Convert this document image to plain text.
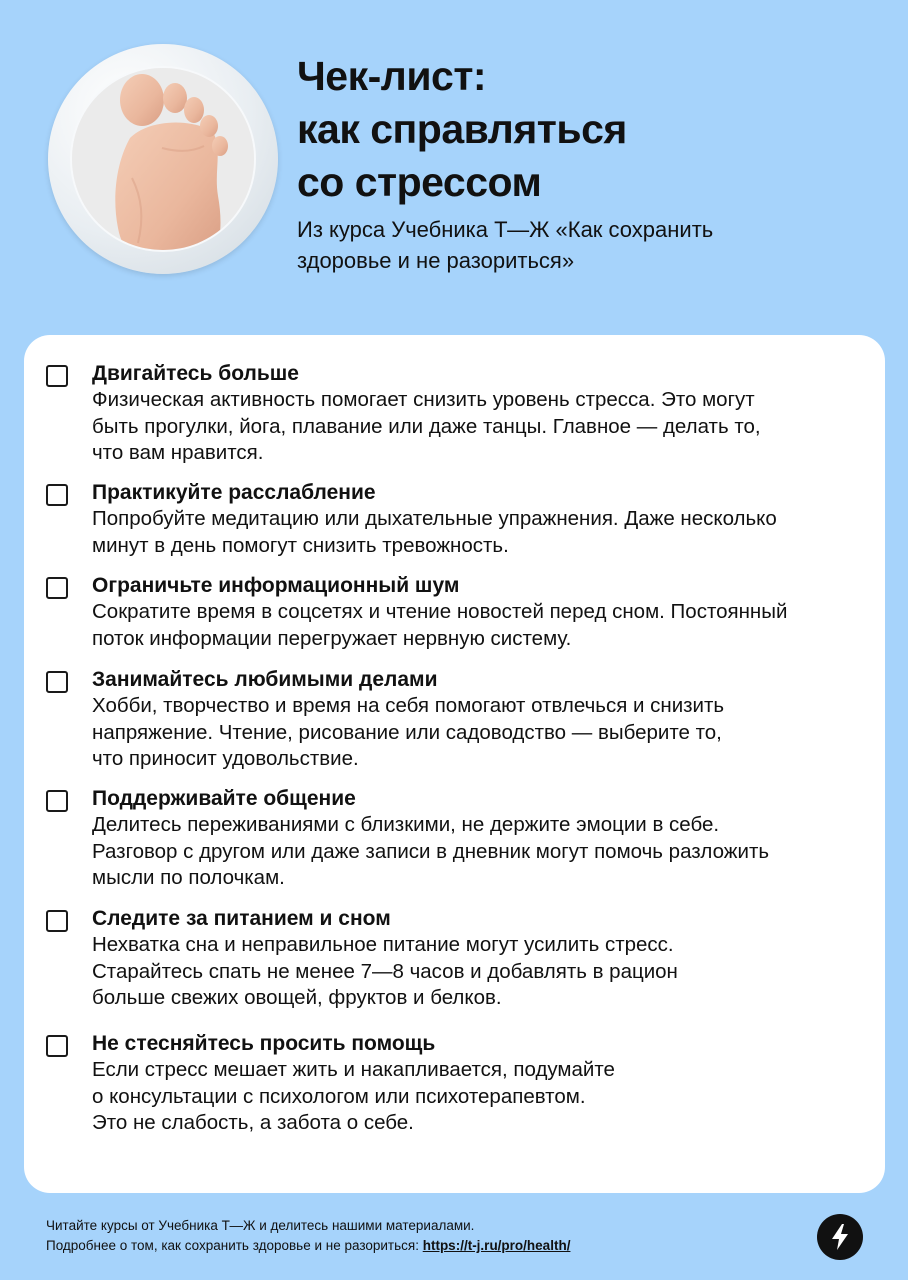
Чек-лист:
как справляться
со стрессом
Из курса Учебника Т—Ж «Как сохранить
здоровье и не разориться»
Двигайтесь больше
Физическая активность помогает снизить уровень стресса. Это могут
быть прогулки, йога, плавание или даже танцы. Главное — делать то,
что вам нравится.
Практикуйте расслабление
Попробуйте медитацию или дыхательные упражнения. Даже несколько
минут в день помогут снизить тревожность.
Ограничьте информационный шум
Сократите время в соцсетях и чтение новостей перед сном. Постоянный
поток информации перегружает нервную систему.
Занимайтесь любимыми делами
Хобби, творчество и время на себя помогают отвлечься и снизить
напряжение. Чтение, рисование или садоводство — выберите то,
что приносит удовольствие.
Поддерживайте общение
Делитесь переживаниями с близкими, не держите эмоции в себе.
Разговор с другом или даже записи в дневник могут помочь разложить
мысли по полочкам.
Следите за питанием и сном
Нехватка сна и неправильное питание могут усилить стресс.
Старайтесь спать не менее 7—8 часов и добавлять в рацион
больше свежих овощей, фруктов и белков.
Не стесняйтесь просить помощь
Если стресс мешает жить и накапливается, подумайте
о консультации с психологом или психотерапевтом.
Это не слабость, а забота о себе.
Читайте курсы от Учебника Т—Ж и делитесь нашими материалами.
Подробнее о том, как сохранить здоровье и не разориться: https://t-j.ru/pro/health/
